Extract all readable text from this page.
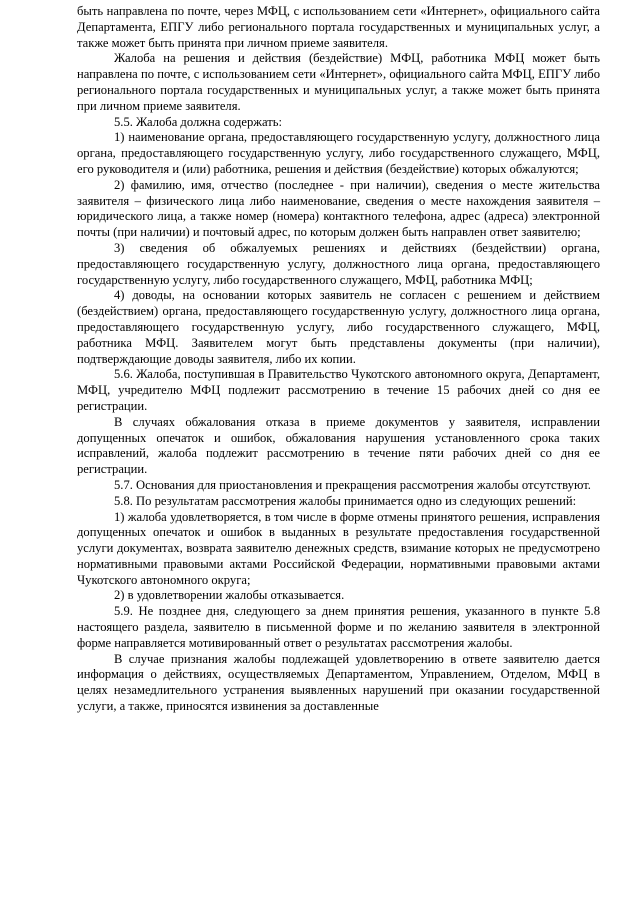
быть направлена по почте, через МФЦ, с использованием сети «Интернет», официального сайта Департамента, ЕПГУ либо регионального портала государственных и муниципальных услуг, а также может быть принята при личном приеме заявителя.

Жалоба на решения и действия (бездействие) МФЦ, работника МФЦ может быть направлена по почте, с использованием сети «Интернет», официального сайта МФЦ, ЕПГУ либо регионального портала государственных и муниципальных услуг, а также может быть принята при личном приеме заявителя.

5.5. Жалоба должна содержать:

1) наименование органа, предоставляющего государственную услугу, должностного лица органа, предоставляющего государственную услугу, либо государственного служащего, МФЦ, его руководителя и (или) работника, решения и действия (бездействие) которых обжалуются;

2) фамилию, имя, отчество (последнее - при наличии), сведения о месте жительства заявителя – физического лица либо наименование, сведения о месте нахождения заявителя – юридического лица, а также номер (номера) контактного телефона, адрес (адреса) электронной почты (при наличии) и почтовый адрес, по которым должен быть направлен ответ заявителю;

3) сведения об обжалуемых решениях и действиях (бездействии) органа, предоставляющего государственную услугу, должностного лица органа, предоставляющего государственную услугу, либо государственного служащего, МФЦ, работника МФЦ;

4) доводы, на основании которых заявитель не согласен с решением и действием (бездействием) органа, предоставляющего государственную услугу, должностного лица органа, предоставляющего государственную услугу, либо государственного служащего, МФЦ, работника МФЦ. Заявителем могут быть представлены документы (при наличии), подтверждающие доводы заявителя, либо их копии.

5.6. Жалоба, поступившая в Правительство Чукотского автономного округа, Департамент, МФЦ, учредителю МФЦ подлежит рассмотрению в течение 15 рабочих дней со дня ее регистрации.

В случаях обжалования отказа в приеме документов у заявителя, исправлении допущенных опечаток и ошибок, обжалования нарушения установленного срока таких исправлений, жалоба подлежит рассмотрению в течение пяти рабочих дней со дня ее регистрации.

5.7. Основания для приостановления и прекращения рассмотрения жалобы отсутствуют.

5.8. По результатам рассмотрения жалобы принимается одно из следующих решений:

1) жалоба удовлетворяется, в том числе в форме отмены принятого решения, исправления допущенных опечаток и ошибок в выданных в результате предоставления государственной услуги документах, возврата заявителю денежных средств, взимание которых не предусмотрено нормативными правовыми актами Российской Федерации, нормативными правовыми актами Чукотского автономного округа;

2) в удовлетворении жалобы отказывается.

5.9. Не позднее дня, следующего за днем принятия решения, указанного в пункте 5.8 настоящего раздела, заявителю в письменной форме и по желанию заявителя в электронной форме направляется мотивированный ответ о результатах рассмотрения жалобы.

В случае признания жалобы подлежащей удовлетворению в ответе заявителю дается информация о действиях, осуществляемых Департаментом, Управлением, Отделом, МФЦ в целях незамедлительного устранения выявленных нарушений при оказании государственной услуги, а также, приносятся извинения за доставленные
